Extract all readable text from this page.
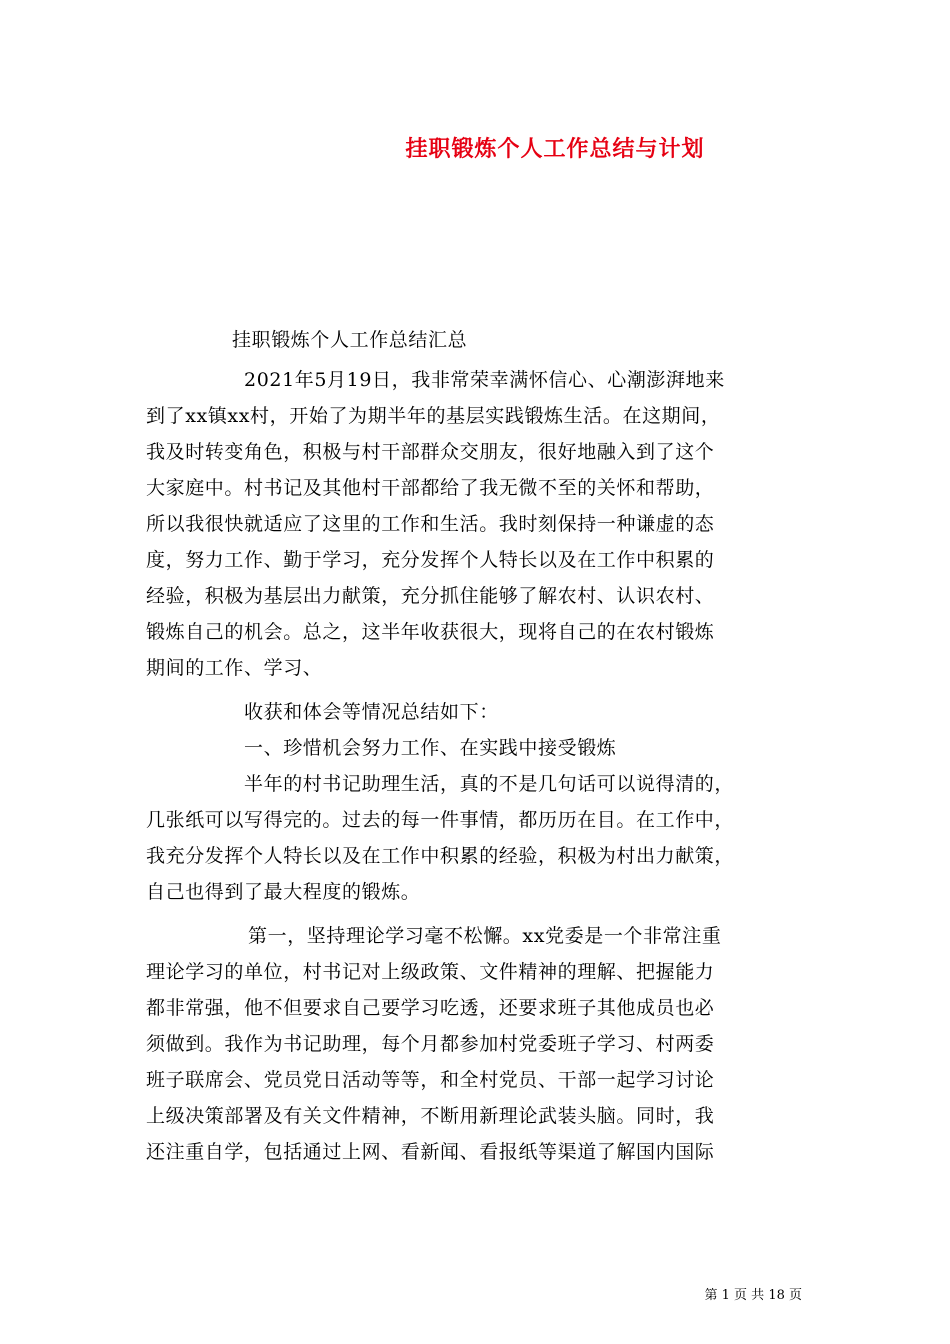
挂职锻炼个人工作总结与计划
挂职锻炼个人工作总结汇总
2021年5月19日，我非常荣幸满怀信心、心潮澎湃地来
到了xx镇xx村，开始了为期半年的基层实践锻炼生活。在这期间，
我及时转变角色，积极与村干部群众交朋友，很好地融入到了这个
大家庭中。村书记及其他村干部都给了我无微不至的关怀和帮助，
所以我很快就适应了这里的工作和生活。我时刻保持一种谦虚的态
度，努力工作、勤于学习，充分发挥个人特长以及在工作中积累的
经验，积极为基层出力献策，充分抓住能够了解农村、认识农村、
锻炼自己的机会。总之，这半年收获很大，现将自己的在农村锻炼
期间的工作、学习、
收获和体会等情况总结如下：
一、珍惜机会努力工作、在实践中接受锻炼
半年的村书记助理生活，真的不是几句话可以说得清的，
几张纸可以写得完的。过去的每一件事情，都历历在目。在工作中，
我充分发挥个人特长以及在工作中积累的经验，积极为村出力献策，
自己也得到了最大程度的锻炼。
第一，坚持理论学习毫不松懈。xx党委是一个非常注重
理论学习的单位，村书记对上级政策、文件精神的理解、把握能力
都非常强，他不但要求自己要学习吃透，还要求班子其他成员也必
须做到。我作为书记助理，每个月都参加村党委班子学习、村两委
班子联席会、党员党日活动等等，和全村党员、干部一起学习讨论
上级决策部署及有关文件精神，不断用新理论武装头脑。同时，我
还注重自学，包括通过上网、看新闻、看报纸等渠道了解国内国际
第 1 页 共 18 页
